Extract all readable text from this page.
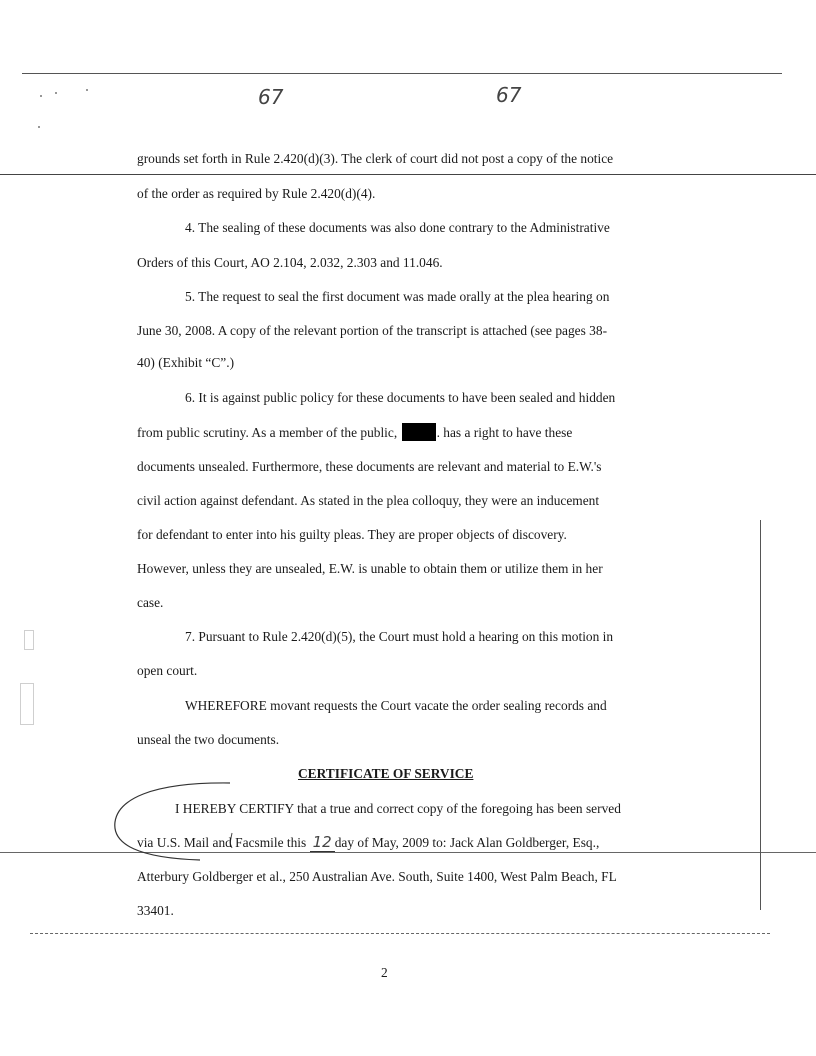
67	67
grounds set forth in Rule 2.420(d)(3). The clerk of court did not post a copy of the notice
of the order as required by Rule 2.420(d)(4).
4. The sealing of these documents was also done contrary to the Administrative
Orders of this Court, AO 2.104, 2.032, 2.303 and 11.046.
5. The request to seal the first document was made orally at the plea hearing on
June 30, 2008. A copy of the relevant portion of the transcript is attached (see pages 38-
40) (Exhibit “C”.)
6. It is against public policy for these documents to have been sealed and hidden
from public scrutiny. As a member of the public,	. has a right to have these
documents unsealed. Furthermore, these documents are relevant and material to E.W.'s
civil action against defendant. As stated in the plea colloquy, they were an inducement
for defendant to enter into his guilty pleas. They are proper objects of discovery.
However, unless they are unsealed, E.W. is unable to obtain them or utilize them in her
case.
7. Pursuant to Rule 2.420(d)(5), the Court must hold a hearing on this motion in
open court.
WHEREFORE movant requests the Court vacate the order sealing records and
unseal the two documents.
CERTIFICATE OF SERVICE
I HEREBY CERTIFY that a true and correct copy of the foregoing has been served
via U.S. Mail and Facsmile this 12 day of May, 2009 to: Jack Alan Goldberger, Esq.,
Atterbury Goldberger et al., 250 Australian Ave. South, Suite 1400, West Palm Beach, FL
33401.
2
